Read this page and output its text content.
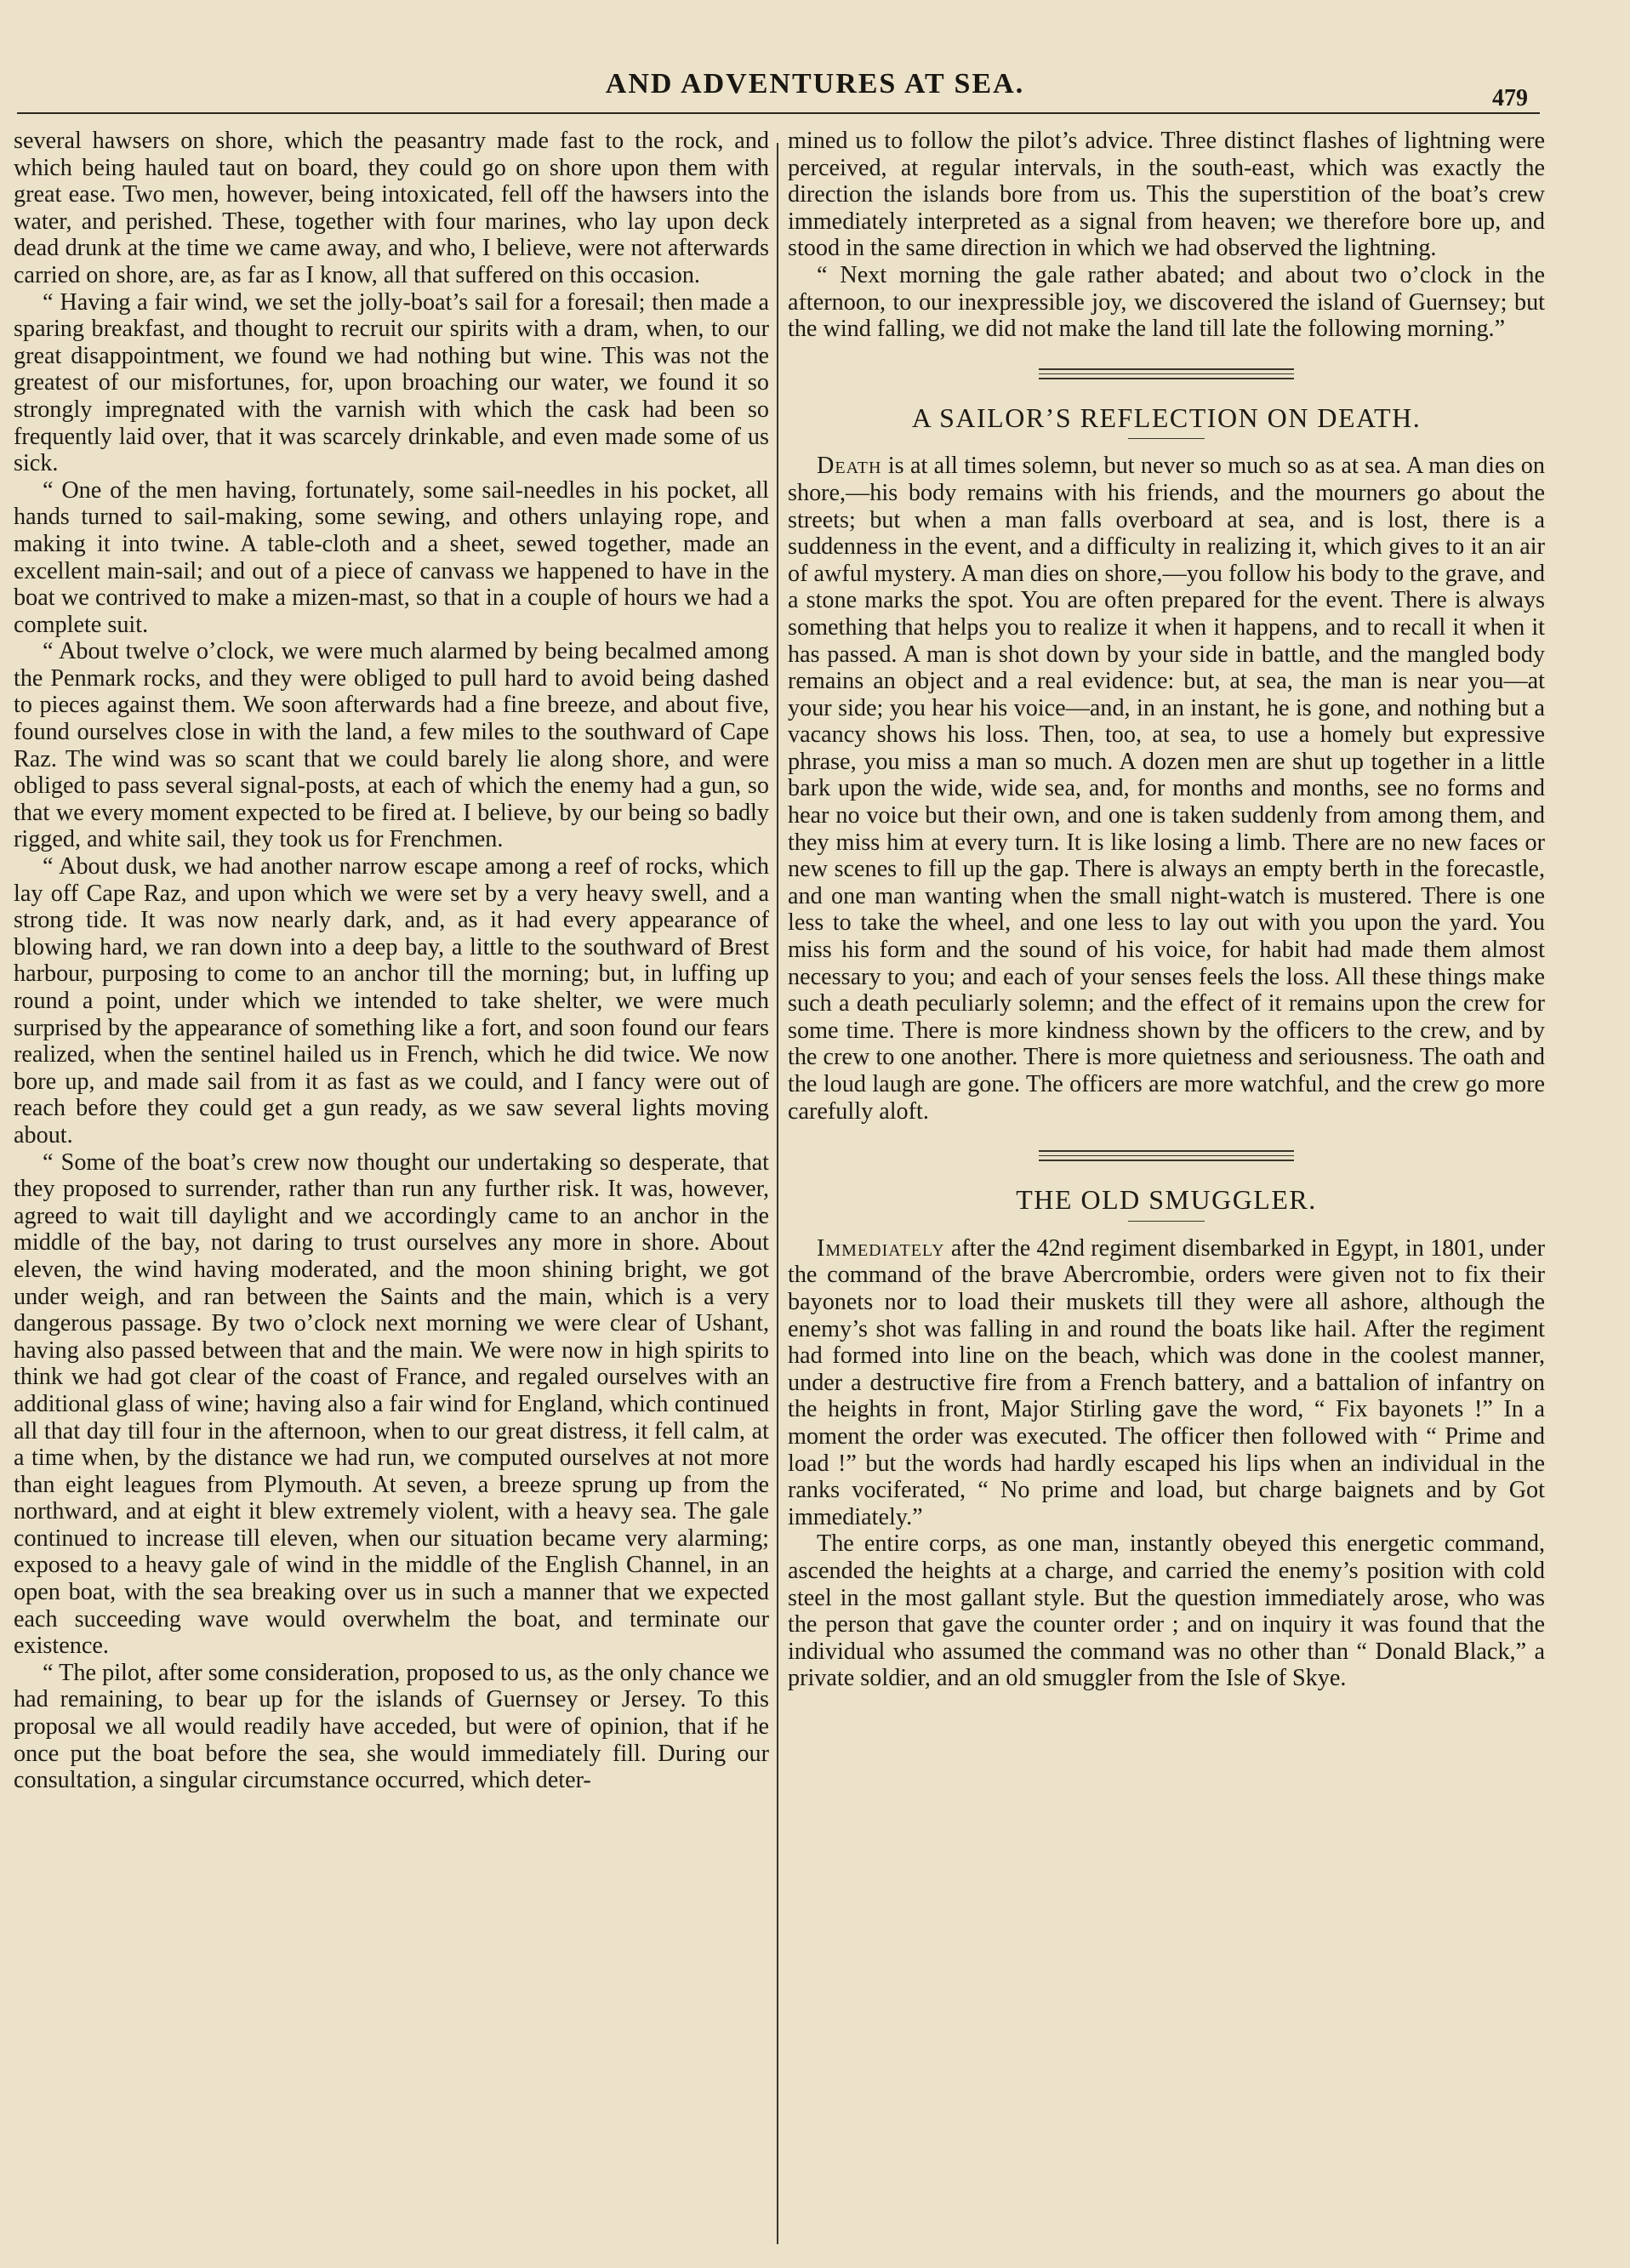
AND ADVENTURES AT SEA.	479

several hawsers on shore, which the peasantry made fast to the rock, and which being hauled taut on board, they could go on shore upon them with great ease. Two men, however, being intoxicated, fell off the hawsers into the water, and perished. These, together with four marines, who lay upon deck dead drunk at the time we came away, and who, I believe, were not afterwards carried on shore, are, as far as I know, all that suffered on this occasion.

“ Having a fair wind, we set the jolly-boat’s sail for a foresail; then made a sparing breakfast, and thought to recruit our spirits with a dram, when, to our great disappointment, we found we had nothing but wine. This was not the greatest of our misfortunes, for, upon broaching our water, we found it so strongly impregnated with the varnish with which the cask had been so frequently laid over, that it was scarcely drinkable, and even made some of us sick.

“ One of the men having, fortunately, some sail-needles in his pocket, all hands turned to sail-making, some sewing, and others unlaying rope, and making it into twine. A table-cloth and a sheet, sewed together, made an excellent main-sail; and out of a piece of canvass we happened to have in the boat we contrived to make a mizen-mast, so that in a couple of hours we had a complete suit.

“ About twelve o’clock, we were much alarmed by being becalmed among the Penmark rocks, and they were obliged to pull hard to avoid being dashed to pieces against them. We soon afterwards had a fine breeze, and about five, found ourselves close in with the land, a few miles to the southward of Cape Raz. The wind was so scant that we could barely lie along shore, and were obliged to pass several signal-posts, at each of which the enemy had a gun, so that we every moment expected to be fired at. I believe, by our being so badly rigged, and white sail, they took us for Frenchmen.

“ About dusk, we had another narrow escape among a reef of rocks, which lay off Cape Raz, and upon which we were set by a very heavy swell, and a strong tide. It was now nearly dark, and, as it had every appearance of blowing hard, we ran down into a deep bay, a little to the southward of Brest harbour, purposing to come to an anchor till the morning; but, in luffing up round a point, under which we intended to take shelter, we were much surprised by the appearance of something like a fort, and soon found our fears realized, when the sentinel hailed us in French, which he did twice. We now bore up, and made sail from it as fast as we could, and I fancy were out of reach before they could get a gun ready, as we saw several lights moving about.

“ Some of the boat’s crew now thought our undertaking so desperate, that they proposed to surrender, rather than run any further risk. It was, however, agreed to wait till daylight and we accordingly came to an anchor in the middle of the bay, not daring to trust ourselves any more in shore. About eleven, the wind having moderated, and the moon shining bright, we got under weigh, and ran between the Saints and the main, which is a very dangerous passage. By two o’clock next morning we were clear of Ushant, having also passed between that and the main. We were now in high spirits to think we had got clear of the coast of France, and regaled ourselves with an additional glass of wine; having also a fair wind for England, which continued all that day till four in the afternoon, when to our great distress, it fell calm, at a time when, by the distance we had run, we computed ourselves at not more than eight leagues from Plymouth. At seven, a breeze sprung up from the northward, and at eight it blew extremely violent, with a heavy sea. The gale continued to increase till eleven, when our situation became very alarming; exposed to a heavy gale of wind in the middle of the English Channel, in an open boat, with the sea breaking over us in such a manner that we expected each succeeding wave would overwhelm the boat, and terminate our existence.

“ The pilot, after some consideration, proposed to us, as the only chance we had remaining, to bear up for the islands of Guernsey or Jersey. To this proposal we all would readily have acceded, but were of opinion, that if he once put the boat before the sea, she would immediately fill. During our consultation, a singular circumstance occurred, which deter-

mined us to follow the pilot’s advice. Three distinct flashes of lightning were perceived, at regular intervals, in the south-east, which was exactly the direction the islands bore from us. This the superstition of the boat’s crew immediately interpreted as a signal from heaven; we therefore bore up, and stood in the same direction in which we had observed the lightning.

“ Next morning the gale rather abated; and about two o’clock in the afternoon, to our inexpressible joy, we discovered the island of Guernsey; but the wind falling, we did not make the land till late the following morning.”

A SAILOR’S REFLECTION ON DEATH.

Death is at all times solemn, but never so much so as at sea. A man dies on shore,—his body remains with his friends, and the mourners go about the streets; but when a man falls overboard at sea, and is lost, there is a suddenness in the event, and a difficulty in realizing it, which gives to it an air of awful mystery. A man dies on shore,—you follow his body to the grave, and a stone marks the spot. You are often prepared for the event. There is always something that helps you to realize it when it happens, and to recall it when it has passed. A man is shot down by your side in battle, and the mangled body remains an object and a real evidence: but, at sea, the man is near you—at your side; you hear his voice—and, in an instant, he is gone, and nothing but a vacancy shows his loss. Then, too, at sea, to use a homely but expressive phrase, you miss a man so much. A dozen men are shut up together in a little bark upon the wide, wide sea, and, for months and months, see no forms and hear no voice but their own, and one is taken suddenly from among them, and they miss him at every turn. It is like losing a limb. There are no new faces or new scenes to fill up the gap. There is always an empty berth in the forecastle, and one man wanting when the small night-watch is mustered. There is one less to take the wheel, and one less to lay out with you upon the yard. You miss his form and the sound of his voice, for habit had made them almost necessary to you; and each of your senses feels the loss. All these things make such a death peculiarly solemn; and the effect of it remains upon the crew for some time. There is more kindness shown by the officers to the crew, and by the crew to one another. There is more quietness and seriousness. The oath and the loud laugh are gone. The officers are more watchful, and the crew go more carefully aloft.

THE OLD SMUGGLER.

Immediately after the 42nd regiment disembarked in Egypt, in 1801, under the command of the brave Abercrombie, orders were given not to fix their bayonets nor to load their muskets till they were all ashore, although the enemy’s shot was falling in and round the boats like hail. After the regiment had formed into line on the beach, which was done in the coolest manner, under a destructive fire from a French battery, and a battalion of infantry on the heights in front, Major Stirling gave the word, “ Fix bayonets !” In a moment the order was executed. The officer then followed with “ Prime and load !” but the words had hardly escaped his lips when an individual in the ranks vociferated, “ No prime and load, but charge baignets and by Got immediately.”

The entire corps, as one man, instantly obeyed this energetic command, ascended the heights at a charge, and carried the enemy’s position with cold steel in the most gallant style. But the question immediately arose, who was the person that gave the counter order ; and on inquiry it was found that the individual who assumed the command was no other than “ Donald Black,” a private soldier, and an old smuggler from the Isle of Skye.
